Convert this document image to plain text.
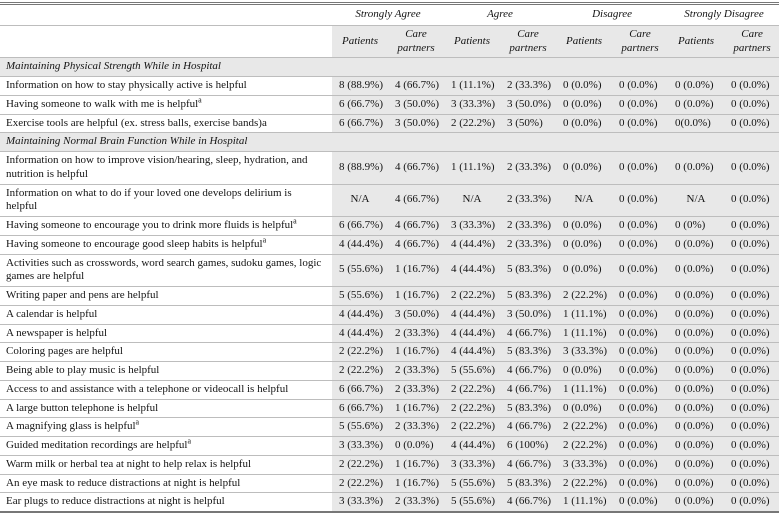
	Strongly Agree		Agree		Disagree		Strongly Disagree	
	Patients	Care partners	Patients	Care partners	Patients	Care partners	Patients	Care partners
Maintaining Physical Strength While in Hospital								
Information on how to stay physically active is helpful	8 (88.9%)	4 (66.7%)	1 (11.1%)	2 (33.3%)	0 (0.0%)	0 (0.0%)	0 (0.0%)	0 (0.0%)
Having someone to walk with me is helpful$^a$	6 (66.7%)	3 (50.0%)	3 (33.3%)	3 (50.0%)	0 (0.0%)	0 (0.0%)	0 (0.0%)	0 (0.0%)
Exercise tools are helpful (ex. stress balls, exercise bands)a	6 (66.7%)	3 (50.0%)	2 (22.2%)	3 (50%)	0 (0.0%)	0 (0.0%)	0(0.0%)	0 (0.0%)
Maintaining Normal Brain Function While in Hospital								
Information on how to improve vision/hearing, sleep, hydration, and nutrition is helpful	8 (88.9%)	4 (66.7%)	1 (11.1%)	2 (33.3%)	0 (0.0%)	0 (0.0%)	0 (0.0%)	0 (0.0%)
Information on what to do if your loved one develops delirium is helpful	N/A	4 (66.7%)	N/A	2 (33.3%)	N/A	0 (0.0%)	N/A	0 (0.0%)
Having someone to encourage you to drink more fluids is helpful$^a$	6 (66.7%)	4 (66.7%)	3 (33.3%)	2 (33.3%)	0 (0.0%)	0 (0.0%)	0 (0%)	0 (0.0%)
Having someone to encourage good sleep habits is helpful$^a$	4 (44.4%)	4 (66.7%)	4 (44.4%)	2 (33.3%)	0 (0.0%)	0 (0.0%)	0 (0.0%)	0 (0.0%)
Activities such as crosswords, word search games, sudoku games, logic games are helpful	5 (55.6%)	1 (16.7%)	4 (44.4%)	5 (83.3%)	0 (0.0%)	0 (0.0%)	0 (0.0%)	0 (0.0%)
Writing paper and pens are helpful	5 (55.6%)	1 (16.7%)	2 (22.2%)	5 (83.3%)	2 (22.2%)	0 (0.0%)	0 (0.0%)	0 (0.0%)
A calendar is helpful	4 (44.4%)	3 (50.0%)	4 (44.4%)	3 (50.0%)	1 (11.1%)	0 (0.0%)	0 (0.0%)	0 (0.0%)
A newspaper is helpful	4 (44.4%)	2 (33.3%)	4 (44.4%)	4 (66.7%)	1 (11.1%)	0 (0.0%)	0 (0.0%)	0 (0.0%)
Coloring pages are helpful	2 (22.2%)	1 (16.7%)	4 (44.4%)	5 (83.3%)	3 (33.3%)	0 (0.0%)	0 (0.0%)	0 (0.0%)
Being able to play music is helpful	2 (22.2%)	2 (33.3%)	5 (55.6%)	4 (66.7%)	0 (0.0%)	0 (0.0%)	0 (0.0%)	0 (0.0%)
Access to and assistance with a telephone or videocall is helpful	6 (66.7%)	2 (33.3%)	2 (22.2%)	4 (66.7%)	1 (11.1%)	0 (0.0%)	0 (0.0%)	0 (0.0%)
A large button telephone is helpful	6 (66.7%)	1 (16.7%)	2 (22.2%)	5 (83.3%)	0 (0.0%)	0 (0.0%)	0 (0.0%)	0 (0.0%)
A magnifying glass is helpful$^a$	5 (55.6%)	2 (33.3%)	2 (22.2%)	4 (66.7%)	2 (22.2%)	0 (0.0%)	0 (0.0%)	0 (0.0%)
Guided meditation recordings are helpful$^a$	3 (33.3%)	0 (0.0%)	4 (44.4%)	6 (100%)	2 (22.2%)	0 (0.0%)	0 (0.0%)	0 (0.0%)
Warm milk or herbal tea at night to help relax is helpful	2 (22.2%)	1 (16.7%)	3 (33.3%)	4 (66.7%)	3 (33.3%)	0 (0.0%)	0 (0.0%)	0 (0.0%)
An eye mask to reduce distractions at night is helpful	2 (22.2%)	1 (16.7%)	5 (55.6%)	5 (83.3%)	2 (22.2%)	0 (0.0%)	0 (0.0%)	0 (0.0%)
Ear plugs to reduce distractions at night is helpful	3 (33.3%)	2 (33.3%)	5 (55.6%)	4 (66.7%)	1 (11.1%)	0 (0.0%)	0 (0.0%)	0 (0.0%)
